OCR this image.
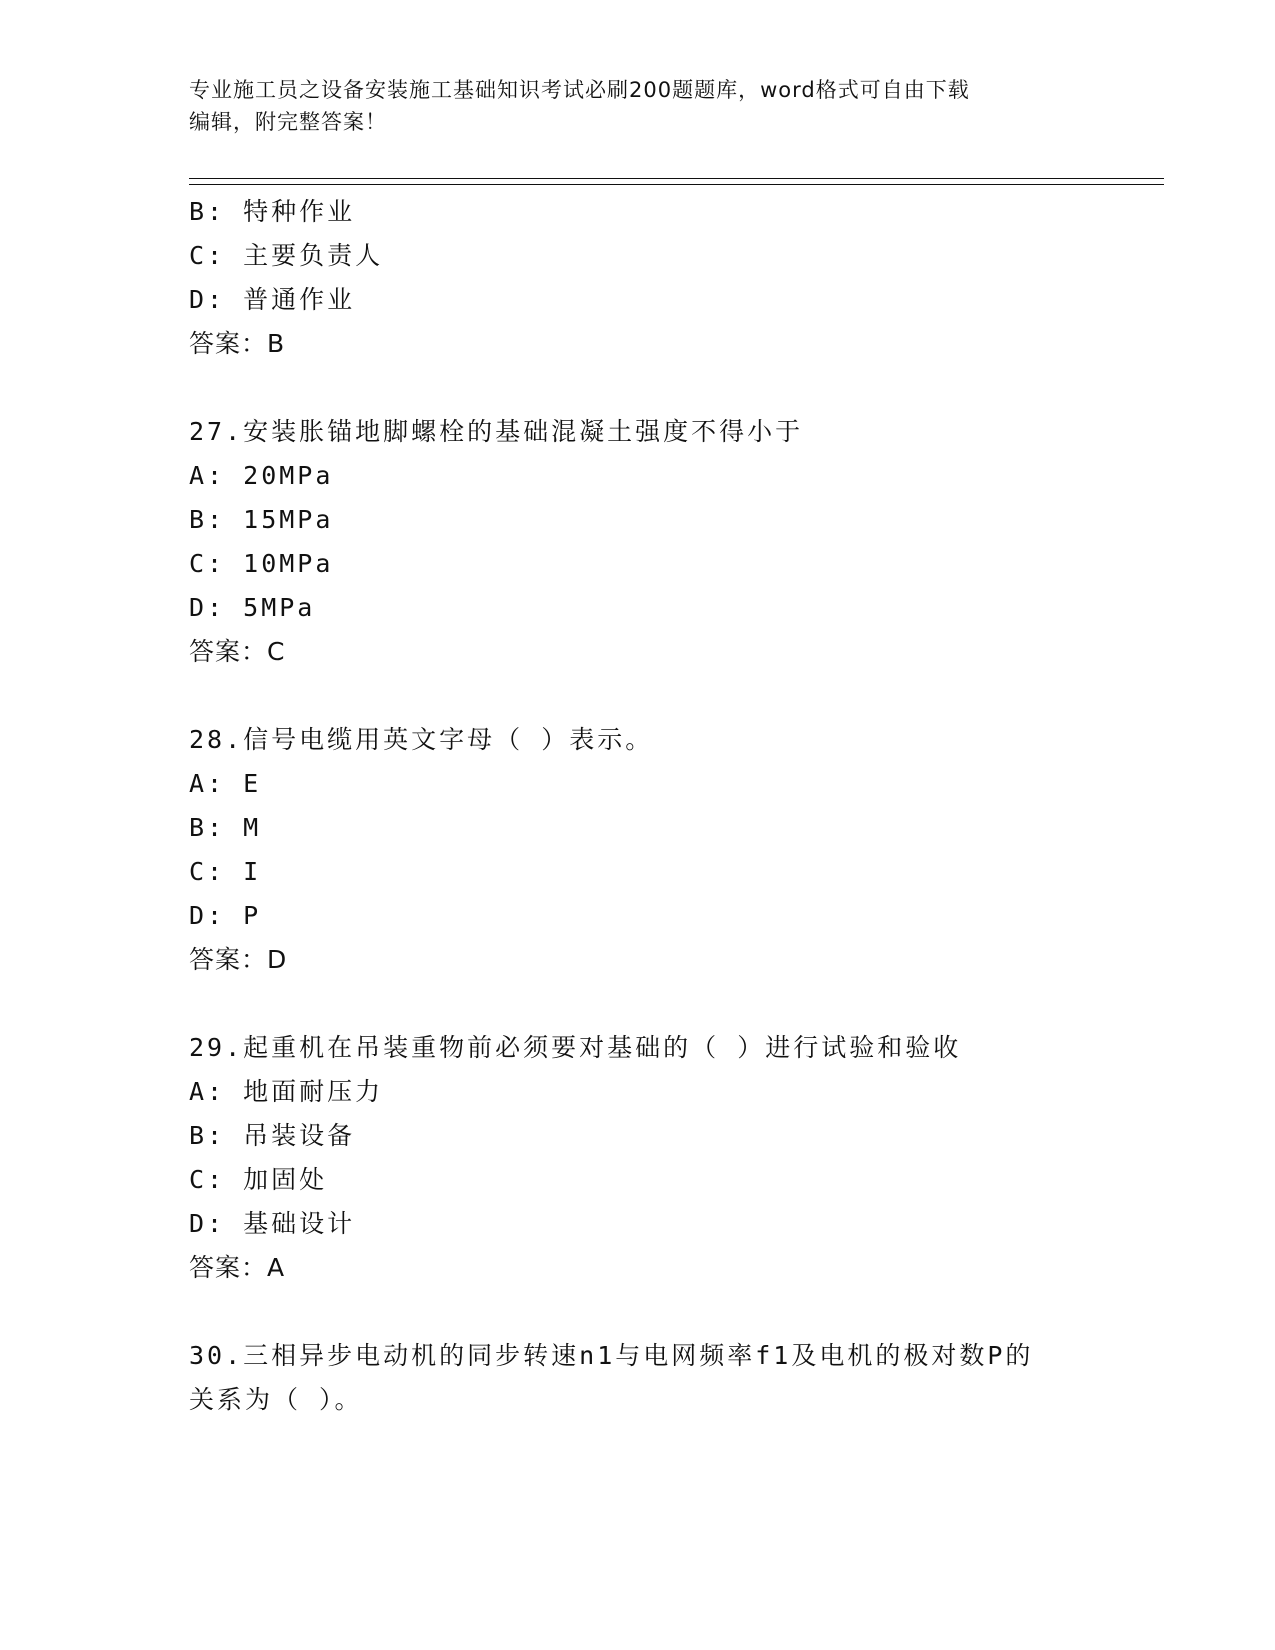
专业施工员之设备安装施工基础知识考试必刷200题题库，word格式可自由下载
编辑，附完整答案！
B: 特种作业
C: 主要负责人
D: 普通作业
答案：B
27.安装胀锚地脚螺栓的基础混凝土强度不得小于
A: 20MPa
B: 15MPa
C: 10MPa
D: 5MPa
答案：C
28.信号电缆用英文字母（ ）表示。
A: E
B: M
C: I
D: P
答案：D
29.起重机在吊装重物前必须要对基础的（ ）进行试验和验收
A: 地面耐压力
B: 吊装设备
C: 加固处
D: 基础设计
答案：A
30.三相异步电动机的同步转速n1与电网频率f1及电机的极对数P的
关系为（ ）。
